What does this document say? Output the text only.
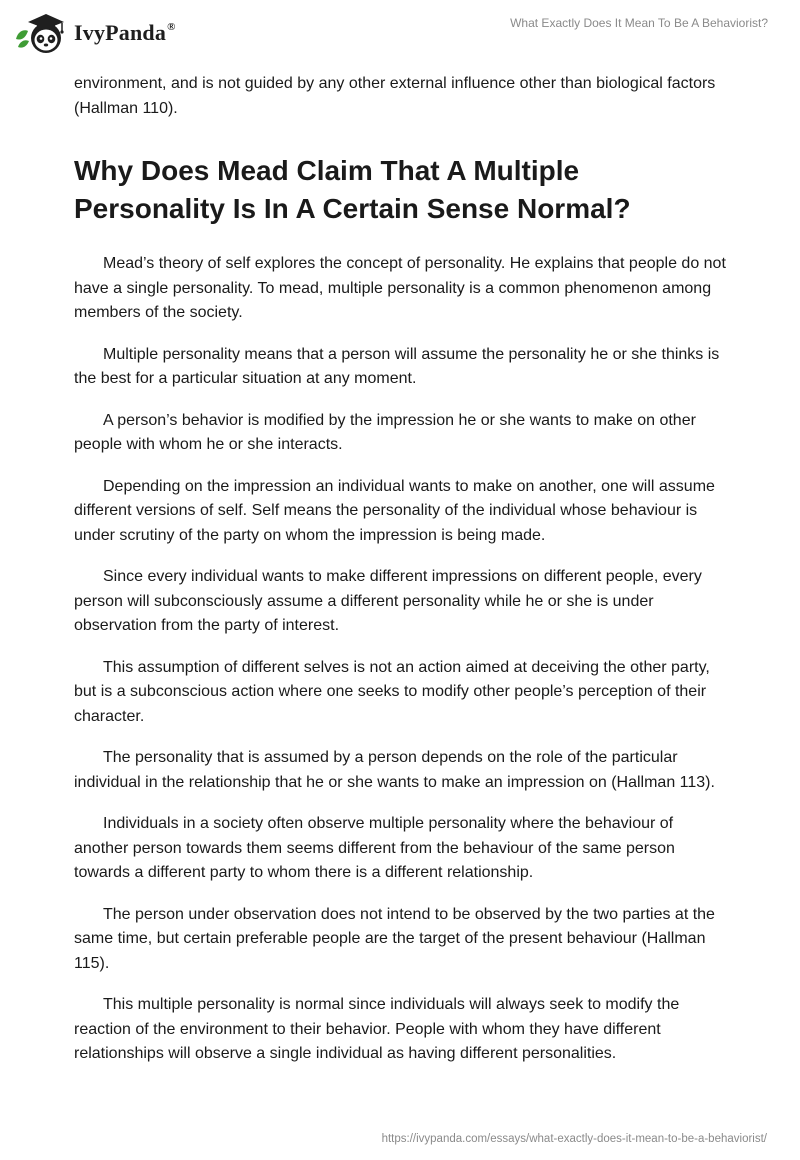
IvyPanda®	What Exactly Does It Mean To Be A Behaviorist?

environment, and is not guided by any other external influence other than biological factors (Hallman 110).

Why Does Mead Claim That A Multiple Personality Is In A Certain Sense Normal?

Mead’s theory of self explores the concept of personality. He explains that people do not have a single personality. To mead, multiple personality is a common phenomenon among members of the society.

Multiple personality means that a person will assume the personality he or she thinks is the best for a particular situation at any moment.

A person’s behavior is modified by the impression he or she wants to make on other people with whom he or she interacts.

Depending on the impression an individual wants to make on another, one will assume different versions of self. Self means the personality of the individual whose behaviour is under scrutiny of the party on whom the impression is being made.

Since every individual wants to make different impressions on different people, every person will subconsciously assume a different personality while he or she is under observation from the party of interest.

This assumption of different selves is not an action aimed at deceiving the other party, but is a subconscious action where one seeks to modify other people’s perception of their character.

The personality that is assumed by a person depends on the role of the particular individual in the relationship that he or she wants to make an impression on (Hallman 113).

Individuals in a society often observe multiple personality where the behaviour of another person towards them seems different from the behaviour of the same person towards a different party to whom there is a different relationship.

The person under observation does not intend to be observed by the two parties at the same time, but certain preferable people are the target of the present behaviour (Hallman 115).

This multiple personality is normal since individuals will always seek to modify the reaction of the environment to their behavior. People with whom they have different relationships will observe a single individual as having different personalities.

https://ivypanda.com/essays/what-exactly-does-it-mean-to-be-a-behaviorist/
